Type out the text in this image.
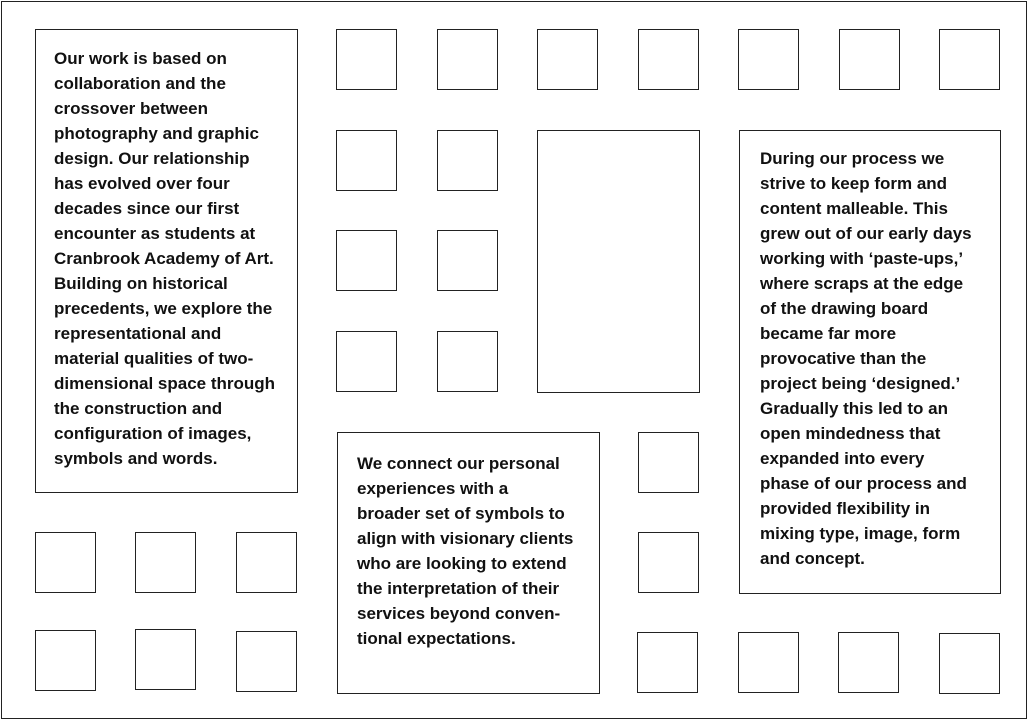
Our work is based on
collaboration and the
crossover between
photography and graphic
design. Our relationship
has evolved over four
decades since our first
encounter as students at
Cranbrook Academy of Art.
Building on historical
precedents, we explore the
representational and
material qualities of two-
dimensional space through
the construction and
configuration of images,
symbols and words.	We connect our personal
experiences with a
broader set of symbols to
align with visionary clients
who are looking to extend
the interpretation of their
services beyond conven-
tional expectations.

During our process we
strive to keep form and
content malleable. This
grew out of our early days
working with ‘paste-ups,’
where scraps at the edge
of the drawing board
became far more
provocative than the
project being ‘designed.’
Gradually this led to an
open mindedness that
expanded into every
phase of our process and
provided flexibility in
mixing type, image, form
and concept.
